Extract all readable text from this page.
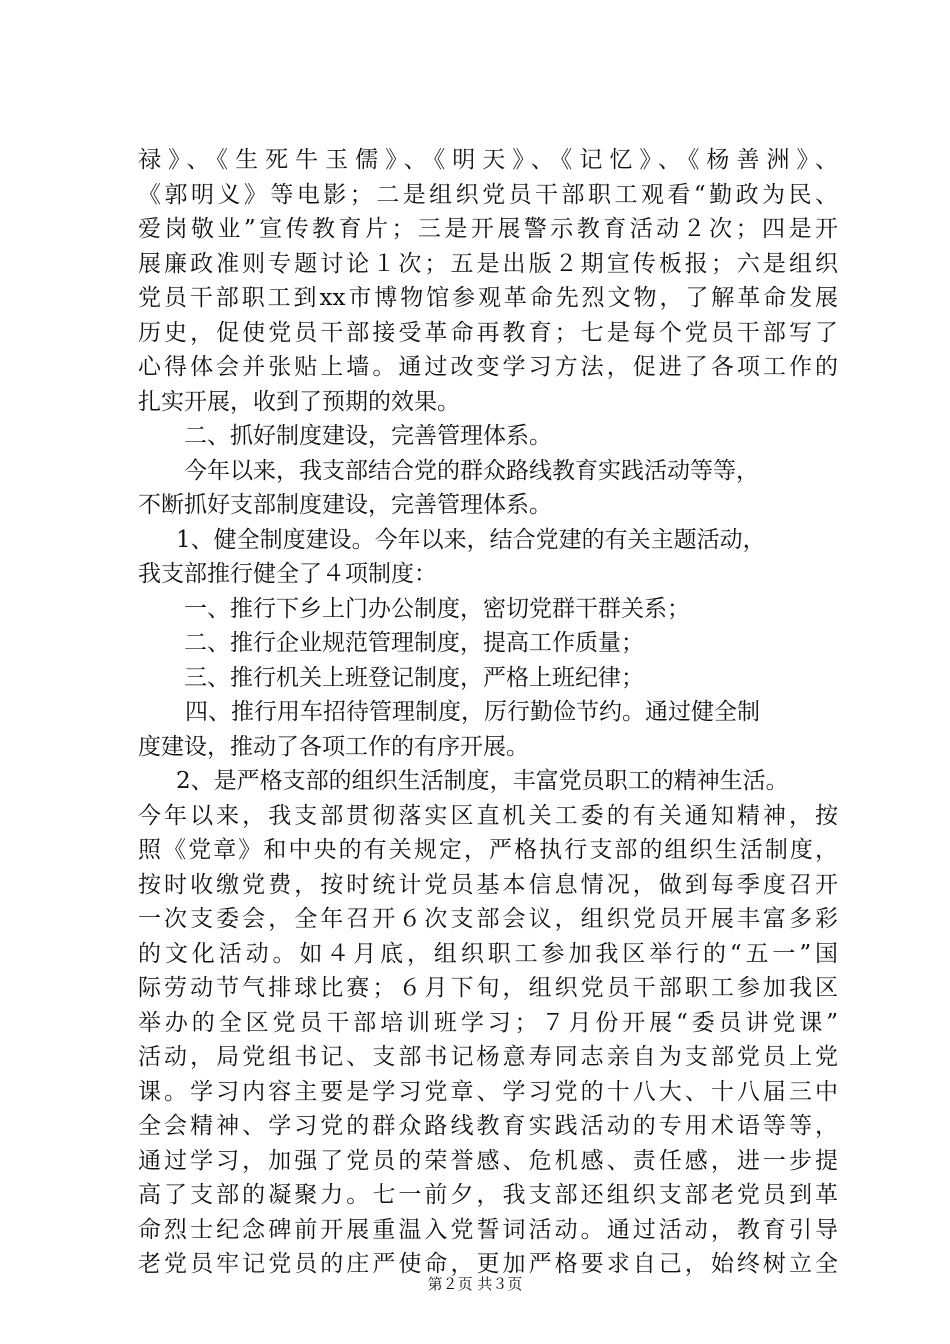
禄》、《生死牛玉儒》、《明天》、《记忆》、《杨善洲》、
《郭明义》等电影；二是组织党员干部职工观看“勤政为民、
爱岗敬业”宣传教育片；三是开展警示教育活动２次；四是开
展廉政准则专题讨论１次；五是出版２期宣传板报；六是组织
党员干部职工到xx市博物馆参观革命先烈文物，了解革命发展
历史，促使党员干部接受革命再教育；七是每个党员干部写了
心得体会并张贴上墙。通过改变学习方法，促进了各项工作的
扎实开展，收到了预期的效果。
二、抓好制度建设，完善管理体系。
今年以来，我支部结合党的群众路线教育实践活动等等，
不断抓好支部制度建设，完善管理体系。
1、健全制度建设。今年以来，结合党建的有关主题活动，
我支部推行健全了４项制度：
一、推行下乡上门办公制度，密切党群干群关系；
二、推行企业规范管理制度，提高工作质量；
三、推行机关上班登记制度，严格上班纪律；
四、推行用车招待管理制度，厉行勤俭节约。通过健全制
度建设，推动了各项工作的有序开展。
2、是严格支部的组织生活制度，丰富党员职工的精神生活。
今年以来，我支部贯彻落实区直机关工委的有关通知精神，按
照《党章》和中央的有关规定，严格执行支部的组织生活制度，
按时收缴党费，按时统计党员基本信息情况，做到每季度召开
一次支委会，全年召开６次支部会议，组织党员开展丰富多彩
的文化活动。如４月底，组织职工参加我区举行的“五一”国
际劳动节气排球比赛；６月下旬，组织党员干部职工参加我区
举办的全区党员干部培训班学习；７月份开展“委员讲党课”
活动，局党组书记、支部书记杨意寿同志亲自为支部党员上党
课。学习内容主要是学习党章、学习党的十八大、十八届三中
全会精神、学习党的群众路线教育实践活动的专用术语等等，
通过学习，加强了党员的荣誉感、危机感、责任感，进一步提
高了支部的凝聚力。七一前夕，我支部还组织支部老党员到革
命烈士纪念碑前开展重温入党誓词活动。通过活动，教育引导
老党员牢记党员的庄严使命，更加严格要求自己，始终树立全
第２页 共３页
